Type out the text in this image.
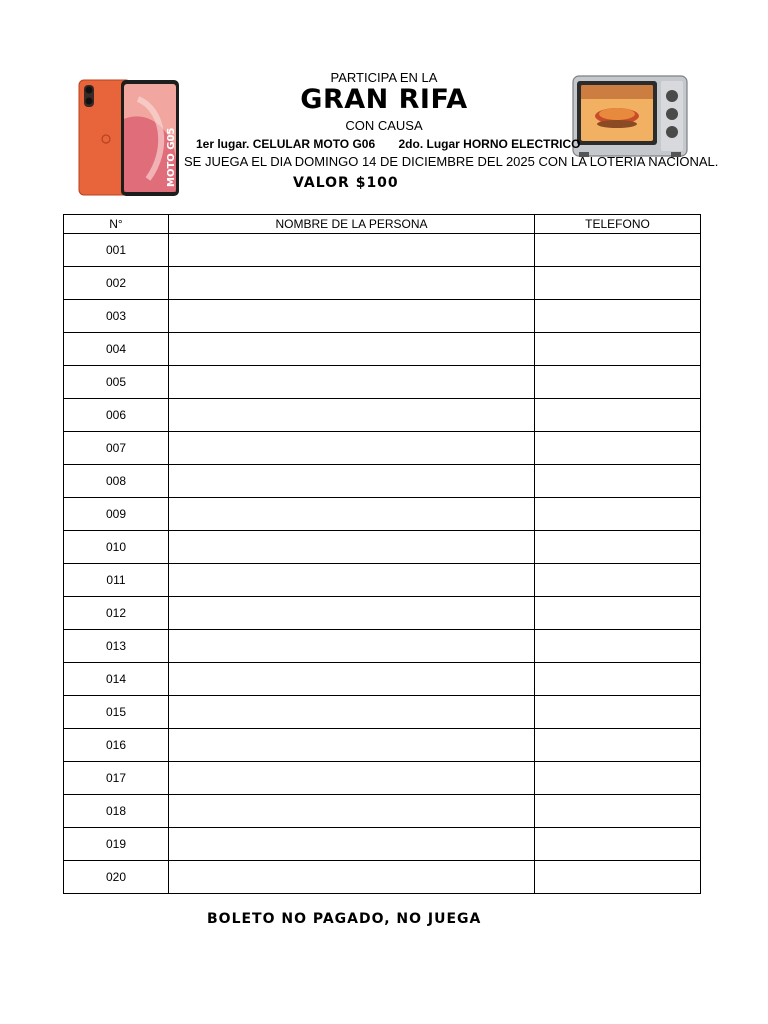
MOTO G05
PARTICIPA EN LA
GRAN RIFA
CON CAUSA
1er lugar. CELULAR MOTO G06 2do. Lugar HORNO ELECTRICO
SE JUEGA EL DIA DOMINGO 14 DE DICIEMBRE DEL 2025 CON LA LOTERIA NACIONAL.
VALOR $100
N°	NOMBRE DE LA PERSONA	TELEFONO
001		
002		
003		
004		
005		
006		
007		
008		
009		
010		
011		
012		
013		
014		
015		
016		
017		
018		
019		
020		
BOLETO NO PAGADO, NO JUEGA
